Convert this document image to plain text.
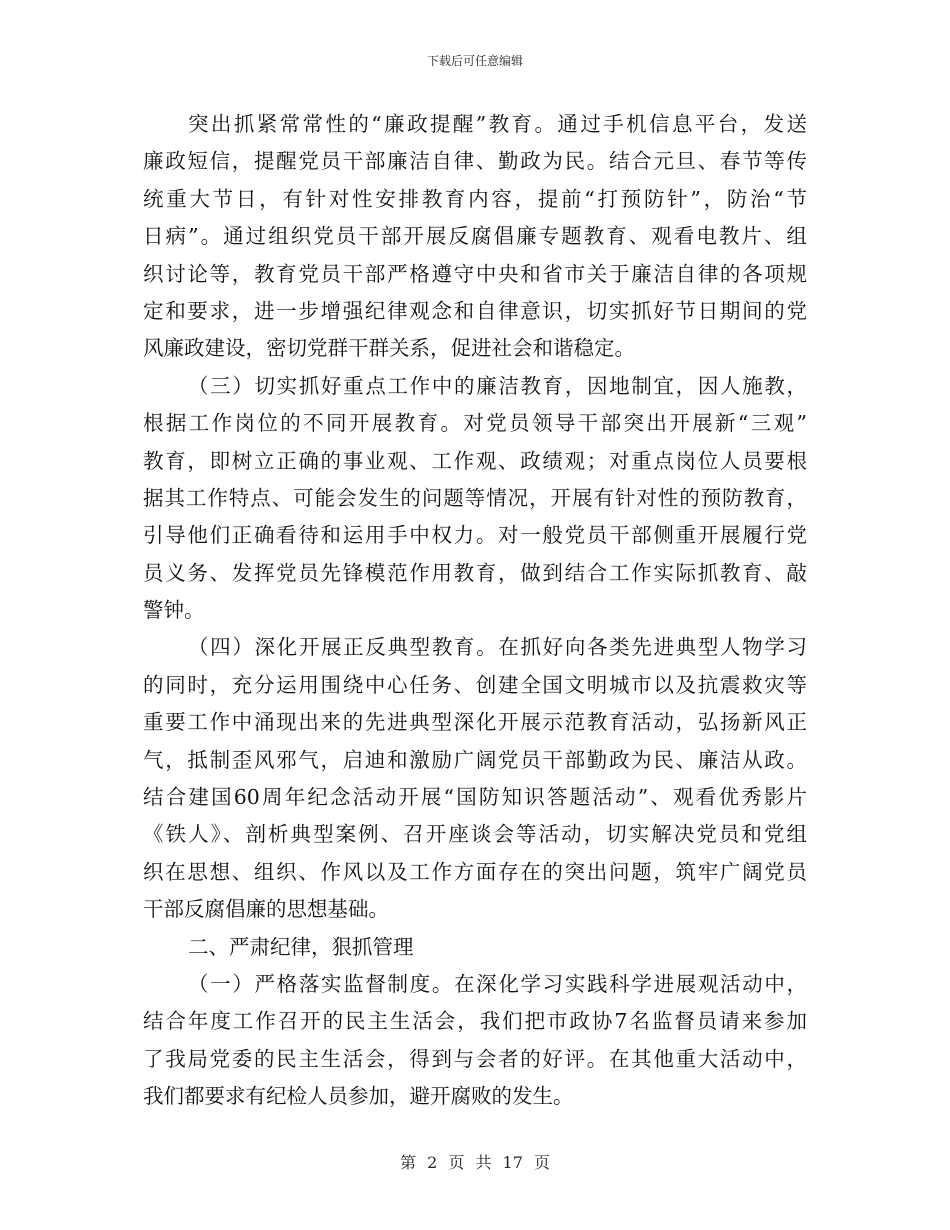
下载后可任意编辑
突出抓紧常常性的“廉政提醒”教育。通过手机信息平台，发送
廉政短信，提醒党员干部廉洁自律、勤政为民。结合元旦、春节等传
统重大节日，有针对性安排教育内容，提前“打预防针”，防治“节
日病”。通过组织党员干部开展反腐倡廉专题教育、观看电教片、组
织讨论等，教育党员干部严格遵守中央和省市关于廉洁自律的各项规
定和要求，进一步增强纪律观念和自律意识，切实抓好节日期间的党
风廉政建设，密切党群干群关系，促进社会和谐稳定。
（三）切实抓好重点工作中的廉洁教育，因地制宜，因人施教，
根据工作岗位的不同开展教育。对党员领导干部突出开展新“三观”
教育，即树立正确的事业观、工作观、政绩观；对重点岗位人员要根
据其工作特点、可能会发生的问题等情况，开展有针对性的预防教育，
引导他们正确看待和运用手中权力。对一般党员干部侧重开展履行党
员义务、发挥党员先锋模范作用教育，做到结合工作实际抓教育、敲
警钟。
（四）深化开展正反典型教育。在抓好向各类先进典型人物学习
的同时，充分运用围绕中心任务、创建全国文明城市以及抗震救灾等
重要工作中涌现出来的先进典型深化开展示范教育活动，弘扬新风正
气，抵制歪风邪气，启迪和激励广阔党员干部勤政为民、廉洁从政。
结合建国60周年纪念活动开展“国防知识答题活动”、观看优秀影片
《铁人》、剖析典型案例、召开座谈会等活动，切实解决党员和党组
织在思想、组织、作风以及工作方面存在的突出问题，筑牢广阔党员
干部反腐倡廉的思想基础。
二、严肃纪律，狠抓管理
（一）严格落实监督制度。在深化学习实践科学进展观活动中，
结合年度工作召开的民主生活会，我们把市政协7名监督员请来参加
了我局党委的民主生活会，得到与会者的好评。在其他重大活动中，
我们都要求有纪检人员参加，避开腐败的发生。
第 2 页 共 17 页
